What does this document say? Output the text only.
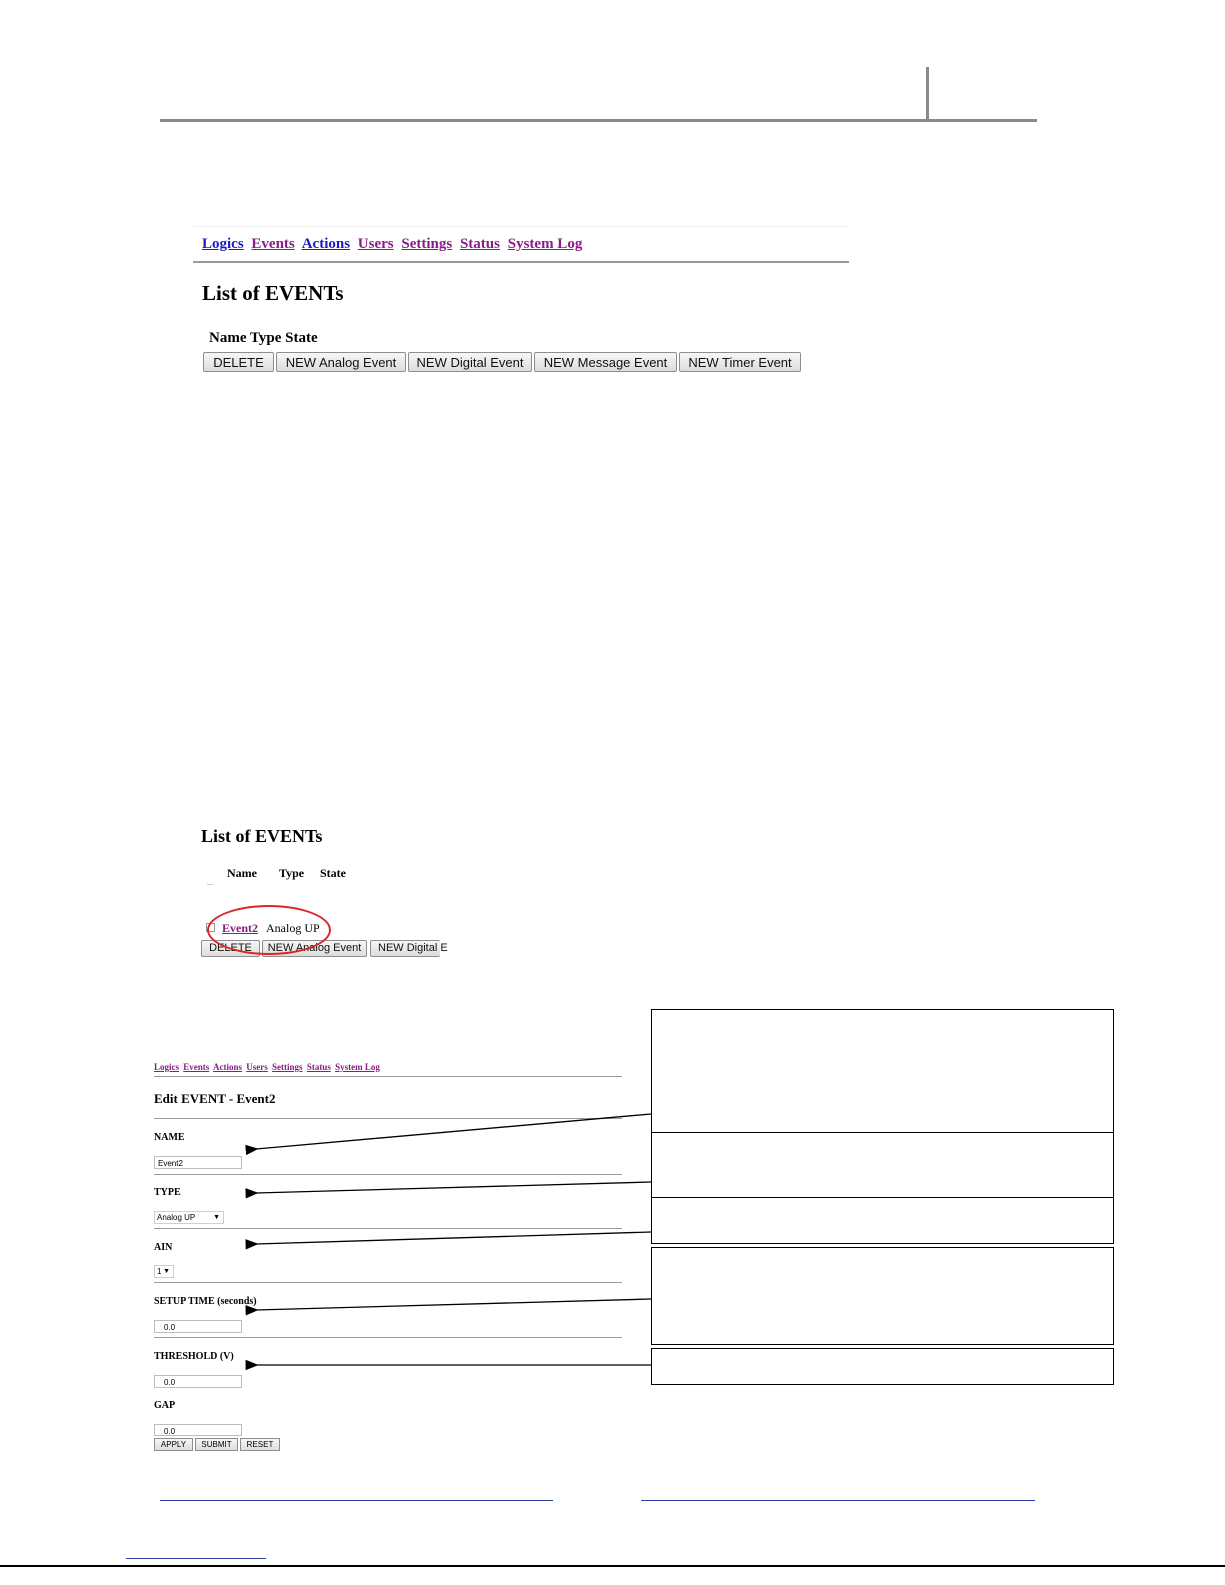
Logics Events Actions Users Settings Status System Log
List of EVENTs
Name Type State
DELETE	NEW Analog Event	NEW Digital Event	NEW Message Event	NEW Timer Event
List of EVENTs
Name Type State
Event2 Analog UP
DELETE	NEW Analog Event	NEW Digital E
Logics Events Actions Users Settings Status System Log
Edit EVENT - Event2
NAME
Event2
TYPE
Analog UP	▼
AIN
1 ▼
SETUP TIME (seconds)
0.0
THRESHOLD (V)
0.0
GAP
0.0
APPLY	SUBMIT	RESET
